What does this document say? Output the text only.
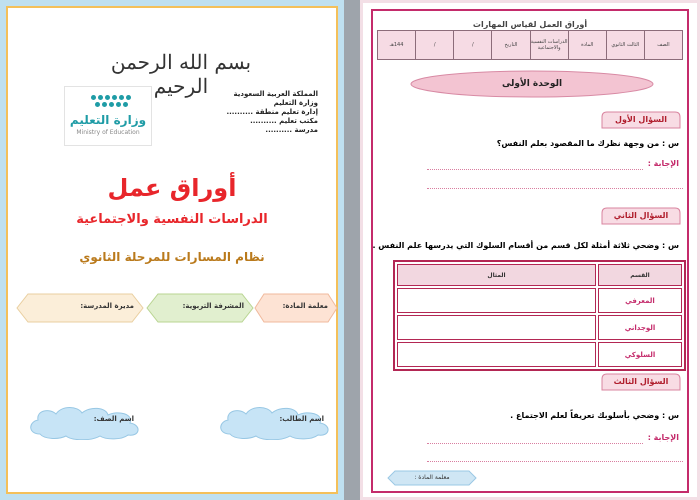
بسم الله الرحمن الرحيم	المملكة العربية السعودية
وزارة التعليم
إدارة تعليم منطقة ..........
مكتب تعليم ..........
مدرسة ..........
وزارة التعليم
Ministry of Education
أوراق عمل
الدراسات النفسية والاجتماعية
نظام المسارات للمرحلة الثانوي
معلمة المادة:
المشرفة التربوية:
مديرة المدرسة:
اسم الطالب:
اسم الصف:
أوراق العمل لقياس المهارات
الصف	الثالث الثانوي	المادة	الدراسات النفسية والاجتماعية	التاريخ	/	/	144هـ
الوحدة الأولى
السؤال الأول
س : من وجهة نظرك ما المقصود بعلم النفس؟
الإجابة :
السؤال الثاني
س : وضحي ثلاثة أمثلة لكل قسم من أقسام السلوك التي يدرسها علم النفس .
القسم	المثال
المعرفي	
الوجداني	
السلوكي	
السؤال الثالث
س : وضحي بأسلوبك تعريفاً لعلم الاجتماع .
الإجابة :
معلمة المادة :
